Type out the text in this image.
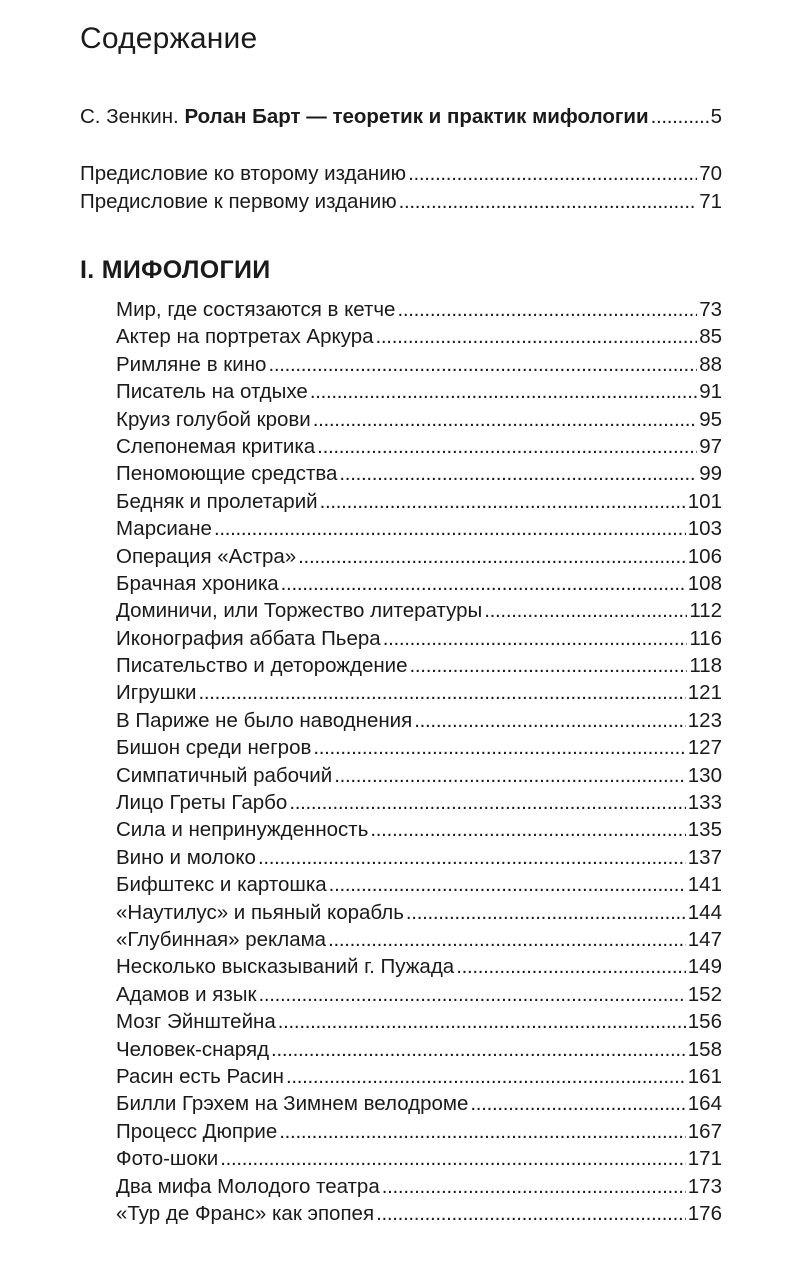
Содержание
С. Зенкин. Ролан Барт — теоретик и практик мифологии . . .	5
Предисловие ко второму изданию . . .	70
Предисловие к первому изданию . . .	71
I. МИФОЛОГИИ
Мир, где состязаются в кетче . . .	73
Актер на портретах Аркура . . .	85
Римляне в кино . . .	88
Писатель на отдыхе . . .	91
Круиз голубой крови . . .	95
Слепонемая критика . . .	97
Пеномоющие средства . . .	99
Бедняк и пролетарий . . .	101
Марсиане . . .	103
Операция «Астра» . . .	106
Брачная хроника . . .	108
Доминичи, или Торжество литературы . . .	112
Иконография аббата Пьера . . .	116
Писательство и деторождение . . .	118
Игрушки . . .	121
В Париже не было наводнения . . .	123
Бишон среди негров . . .	127
Симпатичный рабочий . . .	130
Лицо Греты Гарбо . . .	133
Сила и непринужденность . . .	135
Вино и молоко . . .	137
Бифштекс и картошка . . .	141
«Наутилус» и пьяный корабль . . .	144
«Глубинная» реклама . . .	147
Несколько высказываний г. Пужада . . .	149
Адамов и язык . . .	152
Мозг Эйнштейна . . .	156
Человек-снаряд . . .	158
Расин есть Расин . . .	161
Билли Грэхем на Зимнем велодроме . . .	164
Процесс Дюприе . . .	167
Фото-шоки . . .	171
Два мифа Молодого театра . . .	173
«Тур де Франс» как эпопея . . .	176
